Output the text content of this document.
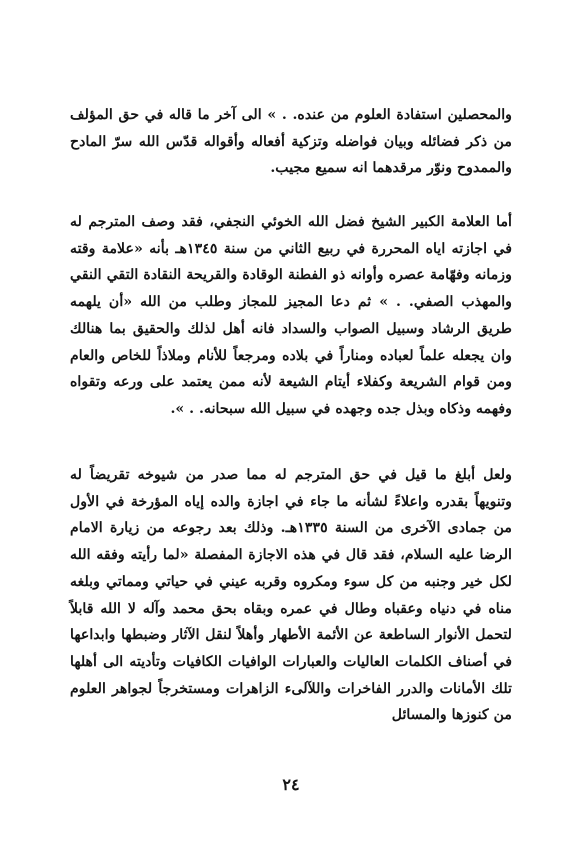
والمحصلين استفادة العلوم من عنده. . » الى آخر ما قاله في حق المؤلف من ذكر فضائله وبيان فواضله وتزكية أفعاله وأقواله قدّس الله سرّ المادح والممدوح ونوّر مرقدهما انه سميع مجيب.

أما العلامة الكبير الشيخ فضل الله الخوئي النجفي، فقد وصف المترجم له في اجازته اياه المحررة في ربيع الثاني من سنة ١٣٤٥هـ بأنه «علامة وقته وزمانه وفهّامة عصره وأوانه ذو الفطنة الوقادة والقريحة النقادة التقي النقي والمهذب الصفي. . » ثم دعا المجيز للمجاز وطلب من الله «أن يلهمه طريق الرشاد وسبيل الصواب والسداد فانه أهل لذلك والحقيق بما هنالك وان يجعله علماً لعباده ومناراً في بلاده ومرجعاً للأنام وملاذاً للخاص والعام ومن قوام الشريعة وكفلاء أيتام الشيعة لأنه ممن يعتمد على ورعه وتقواه وفهمه وذكاه وبذل جده وجهده في سبيل الله سبحانه. . ».

ولعل أبلغ ما قيل في حق المترجم له مما صدر من شيوخه تقريضاً له وتنويهاً بقدره واعلاءً لشأنه ما جاء في اجازة والده إياه المؤرخة في الأول من جمادى الآخرى من السنة ١٣٣٥هـ. وذلك بعد رجوعه من زيارة الامام الرضا عليه السلام، فقد قال في هذه الاجازة المفصلة «لما رأيته وفقه الله لكل خير وجنبه من كل سوء ومكروه وقربه عيني في حياتي ومماتي وبلغه مناه في دنياه وعقباه وطال في عمره وبقاه بحق محمد وآله لا الله قابلاً لتحمل الأنوار الساطعة عن الأئمة الأطهار وأهلاً لنقل الآثار وضبطها وابداعها في أصناف الكلمات العاليات والعبارات الوافيات الكافيات وتأديته الى أهلها تلك الأمانات والدرر الفاخرات واللآلىء الزاهرات ومستخرجاً لجواهر العلوم من كنوزها والمسائل

٢٤
